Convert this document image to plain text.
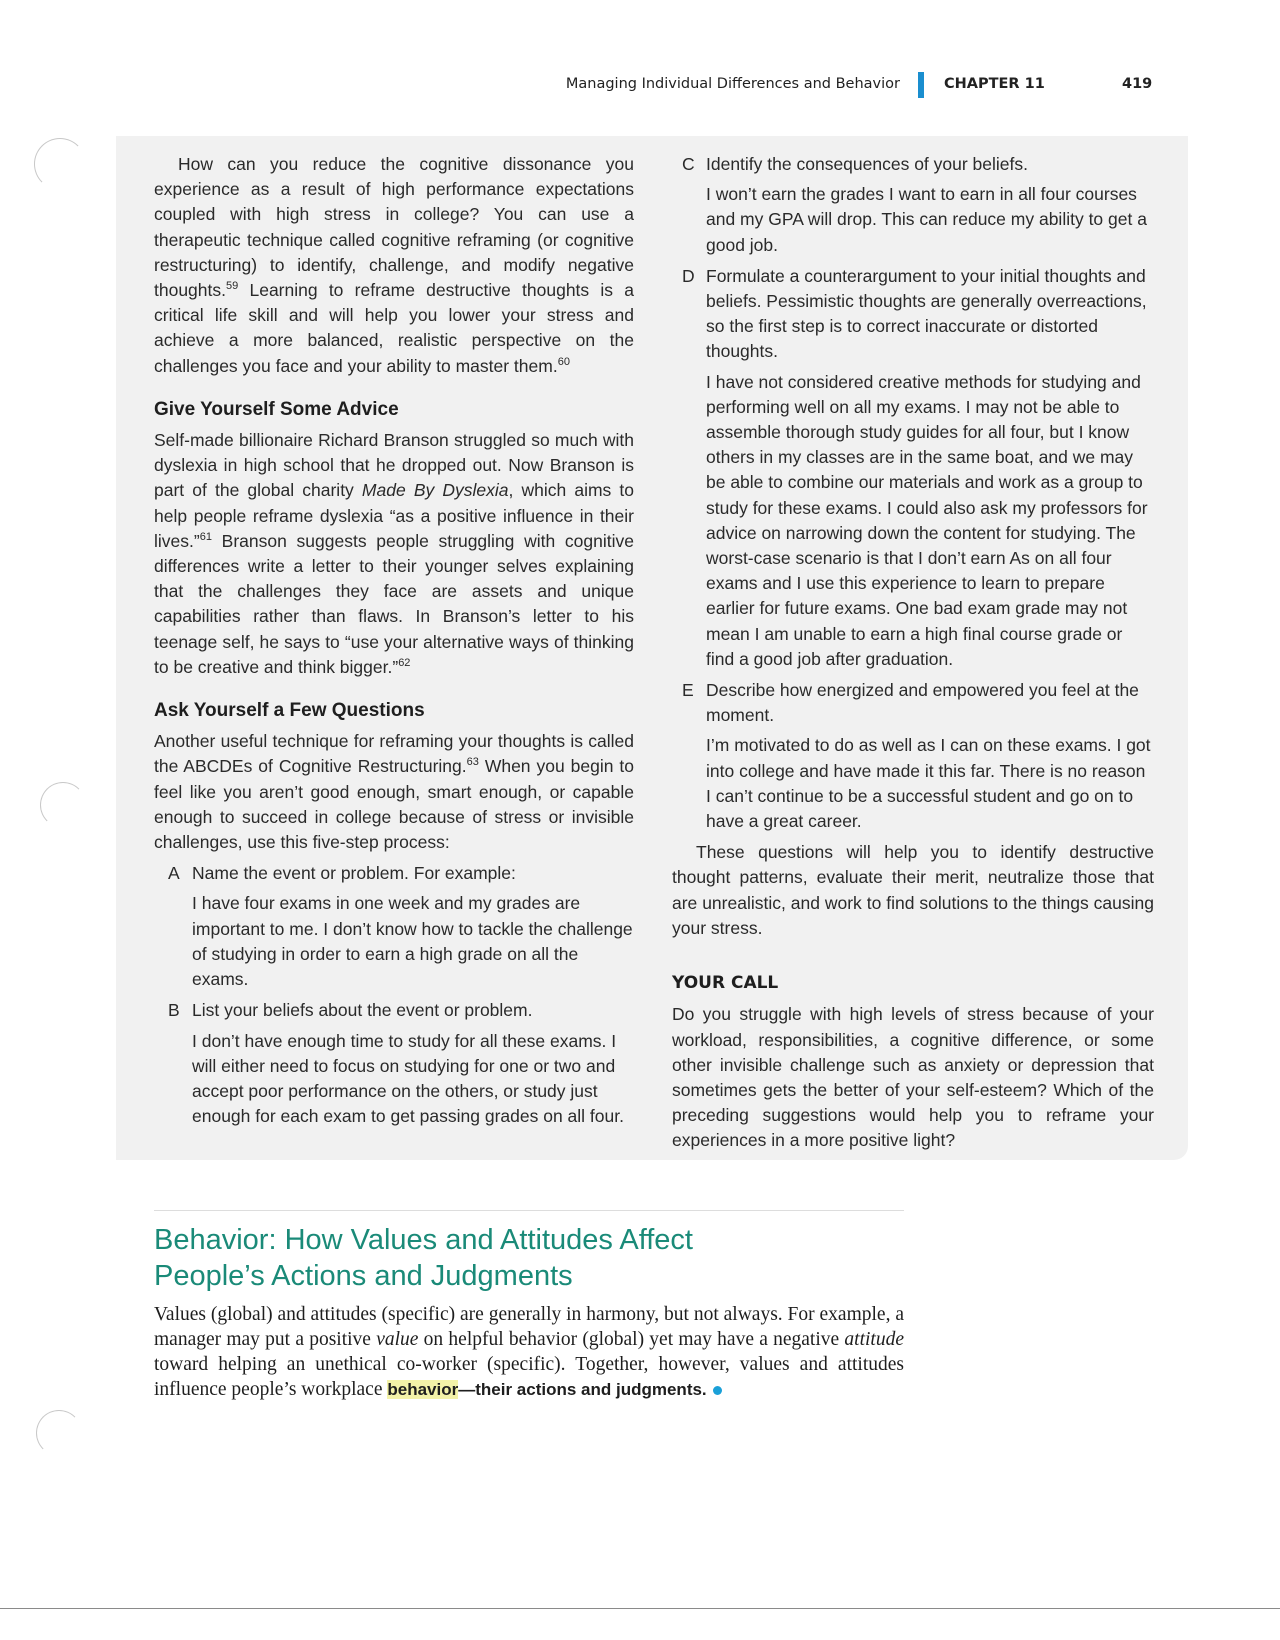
Managing Individual Differences and Behavior	CHAPTER 11	419

How can you reduce the cognitive dissonance you experience as a result of high performance expectations coupled with high stress in college? You can use a therapeutic technique called cognitive reframing (or cognitive restructuring) to identify, challenge, and modify negative thoughts.$^{59}$ Learning to reframe destructive thoughts is a critical life skill and will help you lower your stress and achieve a more balanced, realistic perspective on the challenges you face and your ability to master them.$^{60}$

Give Yourself Some Advice

Self-made billionaire Richard Branson struggled so much with dyslexia in high school that he dropped out. Now Branson is part of the global charity Made By Dyslexia, which aims to help people reframe dyslexia “as a positive influence in their lives.”$^{61}$ Branson suggests people struggling with cognitive differences write a letter to their younger selves explaining that the challenges they face are assets and unique capabilities rather than flaws. In Branson’s letter to his teenage self, he says to “use your alternative ways of thinking to be creative and think bigger.”$^{62}$

Ask Yourself a Few Questions

Another useful technique for reframing your thoughts is called the ABCDEs of Cognitive Restructuring.$^{63}$ When you begin to feel like you aren’t good enough, smart enough, or capable enough to succeed in college because of stress or invisible challenges, use this five-step process:

A Name the event or problem. For example:
I have four exams in one week and my grades are important to me. I don’t know how to tackle the challenge of studying in order to earn a high grade on all the exams.
B List your beliefs about the event or problem.
I don’t have enough time to study for all these exams. I will either need to focus on studying for one or two and accept poor performance on the others, or study just enough for each exam to get passing grades on all four.
C Identify the consequences of your beliefs.
I won’t earn the grades I want to earn in all four courses and my GPA will drop. This can reduce my ability to get a good job.
D Formulate a counterargument to your initial thoughts and beliefs. Pessimistic thoughts are generally overreactions, so the first step is to correct inaccurate or distorted thoughts.
I have not considered creative methods for studying and performing well on all my exams. I may not be able to assemble thorough study guides for all four, but I know others in my classes are in the same boat, and we may be able to combine our materials and work as a group to study for these exams. I could also ask my professors for advice on narrowing down the content for studying. The worst-case scenario is that I don’t earn As on all four exams and I use this experience to learn to prepare earlier for future exams. One bad exam grade may not mean I am unable to earn a high final course grade or find a good job after graduation.
E Describe how energized and empowered you feel at the moment.
I’m motivated to do as well as I can on these exams. I got into college and have made it this far. There is no reason I can’t continue to be a successful student and go on to have a great career.

These questions will help you to identify destructive thought patterns, evaluate their merit, neutralize those that are unrealistic, and work to find solutions to the things causing your stress.

YOUR CALL

Do you struggle with high levels of stress because of your workload, responsibilities, a cognitive difference, or some other invisible challenge such as anxiety or depression that sometimes gets the better of your self-esteem? Which of the preceding suggestions would help you to reframe your experiences in a more positive light?

Behavior: How Values and Attitudes Affect
People’s Actions and Judgments
Values (global) and attitudes (specific) are generally in harmony, but not always. For example, a manager may put a positive value on helpful behavior (global) yet may have a negative attitude toward helping an unethical co-worker (specific). Together, however, values and attitudes influence people’s workplace behavior—their actions and judgments.
